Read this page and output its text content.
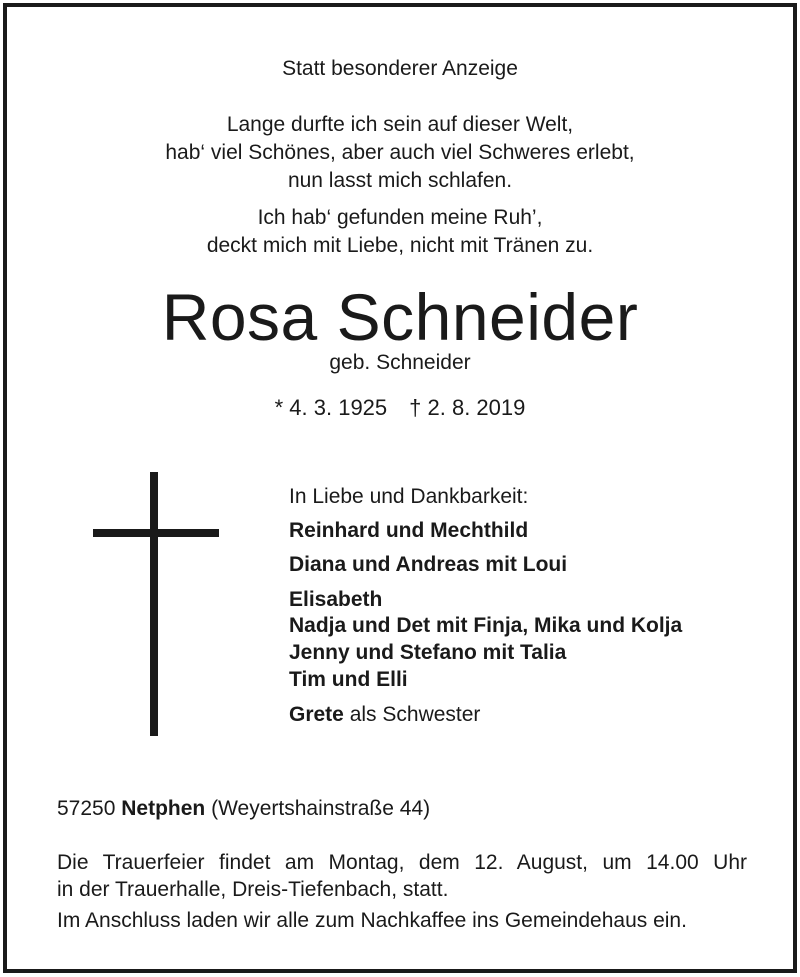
Statt besonderer Anzeige
Lange durfte ich sein auf dieser Welt,
hab‘ viel Schönes, aber auch viel Schweres erlebt,
nun lasst mich schlafen.
Ich hab‘ gefunden meine Ruh’,
deckt mich mit Liebe, nicht mit Tränen zu.
Rosa Schneider
geb. Schneider
* 4. 3. 1925 † 2. 8. 2019
In Liebe und Dankbarkeit:
Reinhard und Mechthild
Diana und Andreas mit Loui
Elisabeth
Nadja und Det mit Finja, Mika und Kolja
Jenny und Stefano mit Talia
Tim und Elli
Grete als Schwester
57250 Netphen (Weyertshainstraße 44)
Die Trauerfeier findet am Montag, dem 12. August, um 14.00 Uhr
in der Trauerhalle, Dreis-Tiefenbach, statt.
Im Anschluss laden wir alle zum Nachkaffee ins Gemeindehaus ein.
